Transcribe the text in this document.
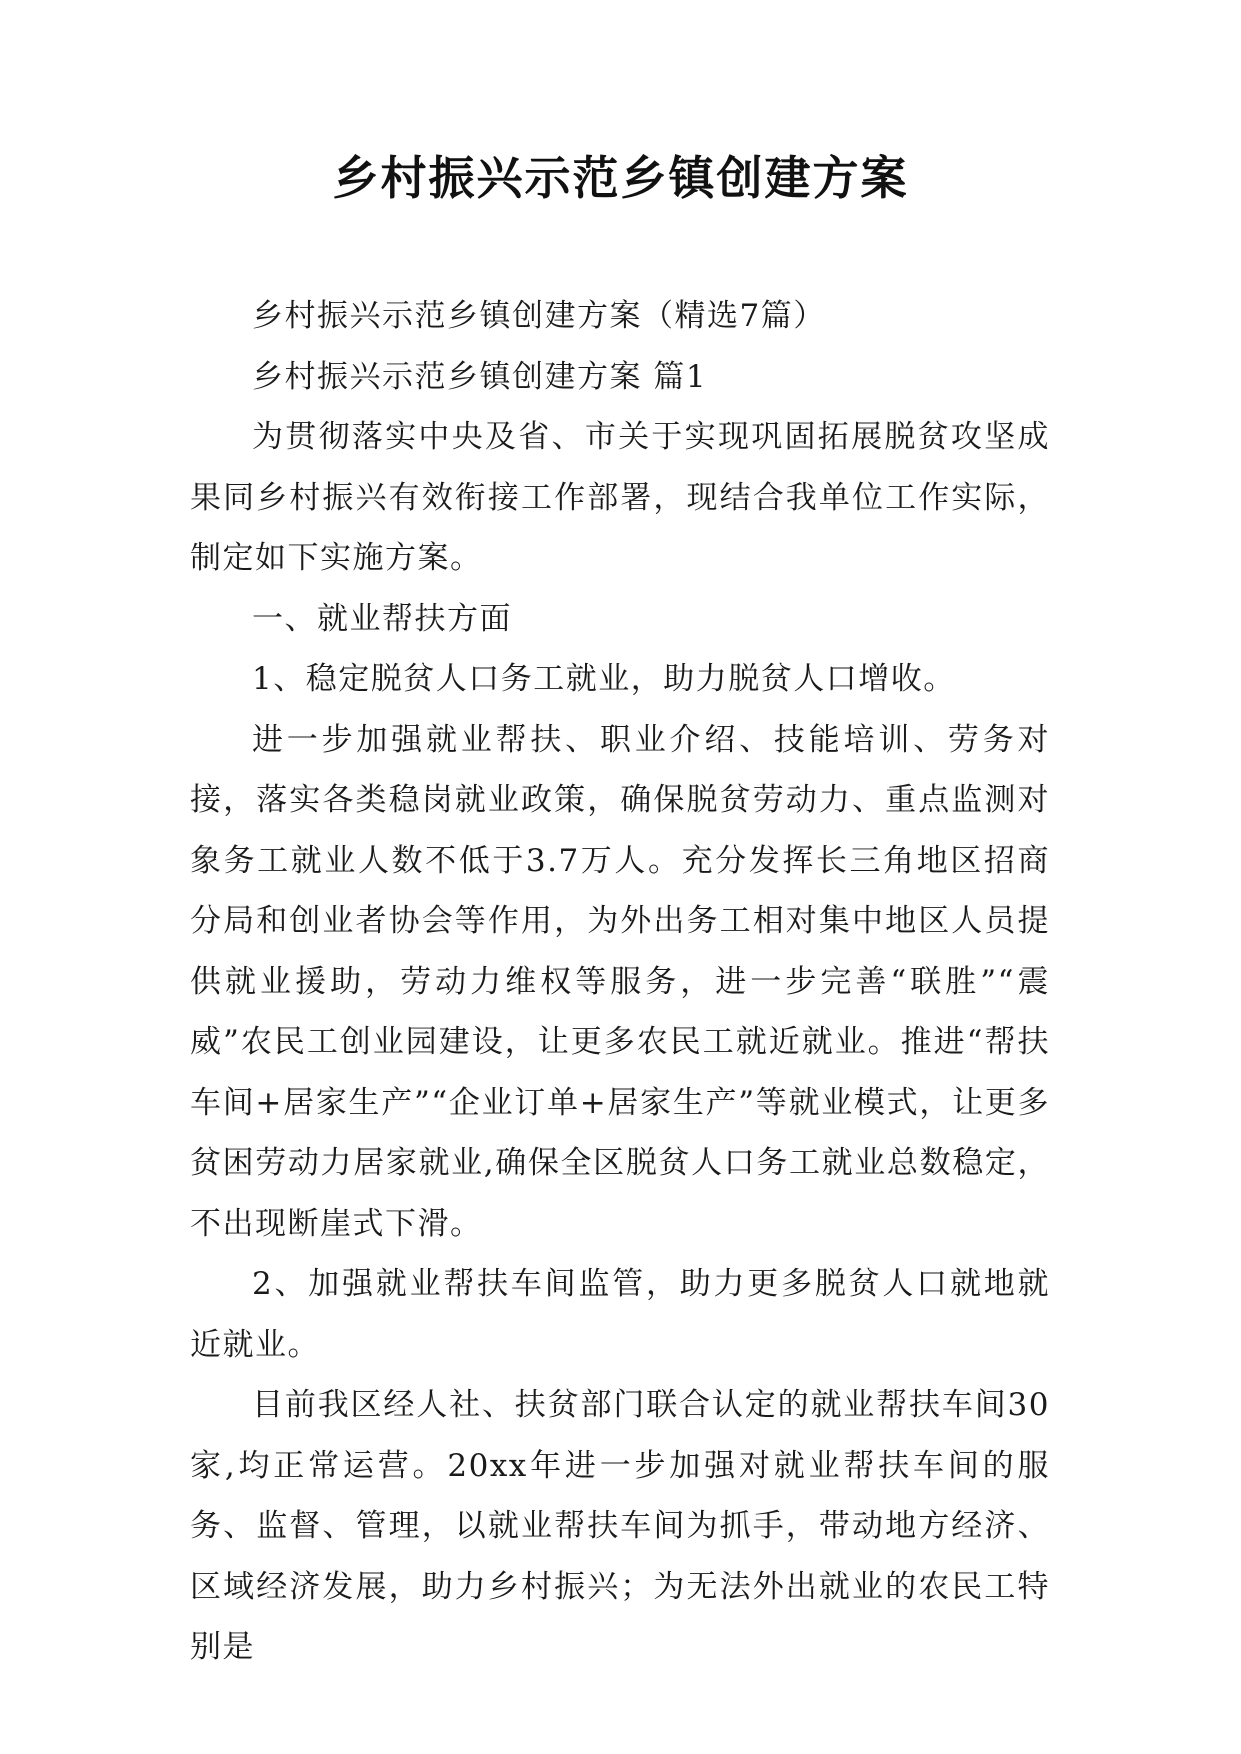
乡村振兴示范乡镇创建方案

乡村振兴示范乡镇创建方案（精选7篇）

乡村振兴示范乡镇创建方案 篇1

为贯彻落实中央及省、市关于实现巩固拓展脱贫攻坚成果同乡村振兴有效衔接工作部署，现结合我单位工作实际，制定如下实施方案。

一、就业帮扶方面

1、稳定脱贫人口务工就业，助力脱贫人口增收。

进一步加强就业帮扶、职业介绍、技能培训、劳务对接，落实各类稳岗就业政策，确保脱贫劳动力、重点监测对象务工就业人数不低于3.7万人。充分发挥长三角地区招商分局和创业者协会等作用，为外出务工相对集中地区人员提供就业援助，劳动力维权等服务，进一步完善“联胜”“震威”农民工创业园建设，让更多农民工就近就业。推进“帮扶车间+居家生产”“企业订单+居家生产”等就业模式，让更多贫困劳动力居家就业,确保全区脱贫人口务工就业总数稳定，不出现断崖式下滑。

2、加强就业帮扶车间监管，助力更多脱贫人口就地就近就业。

目前我区经人社、扶贫部门联合认定的就业帮扶车间30家,均正常运营。20xx年进一步加强对就业帮扶车间的服务、监督、管理，以就业帮扶车间为抓手，带动地方经济、区域经济发展，助力乡村振兴；为无法外出就业的农民工特别是
